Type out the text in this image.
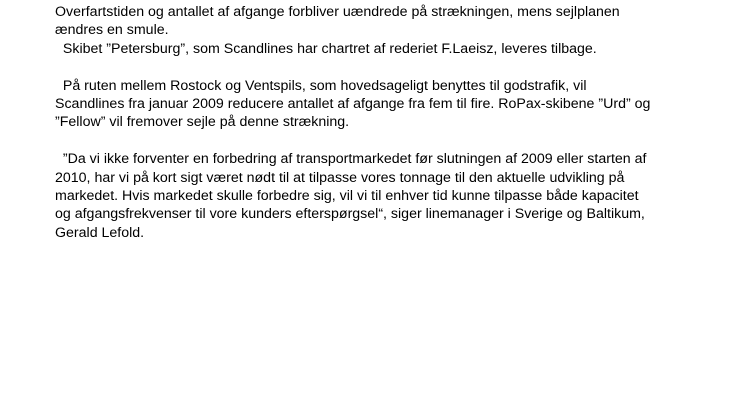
Overfartstiden og antallet af afgange forbliver uændrede på strækningen, mens sejlplanen
ændres en smule.
Skibet ”Petersburg”, som Scandlines har chartret af rederiet F.Laeisz, leveres tilbage.
På ruten mellem Rostock og Ventspils, som hovedsageligt benyttes til godstrafik, vil
Scandlines fra januar 2009 reducere antallet af afgange fra fem til fire. RoPax-skibene ”Urd” og
”Fellow” vil fremover sejle på denne strækning.
”Da vi ikke forventer en forbedring af transportmarkedet før slutningen af 2009 eller starten af
2010, har vi på kort sigt været nødt til at tilpasse vores tonnage til den aktuelle udvikling på
markedet. Hvis markedet skulle forbedre sig, vil vi til enhver tid kunne tilpasse både kapacitet
og afgangsfrekvenser til vore kunders efterspørgsel“, siger linemanager i Sverige og Baltikum,
Gerald Lefold.
